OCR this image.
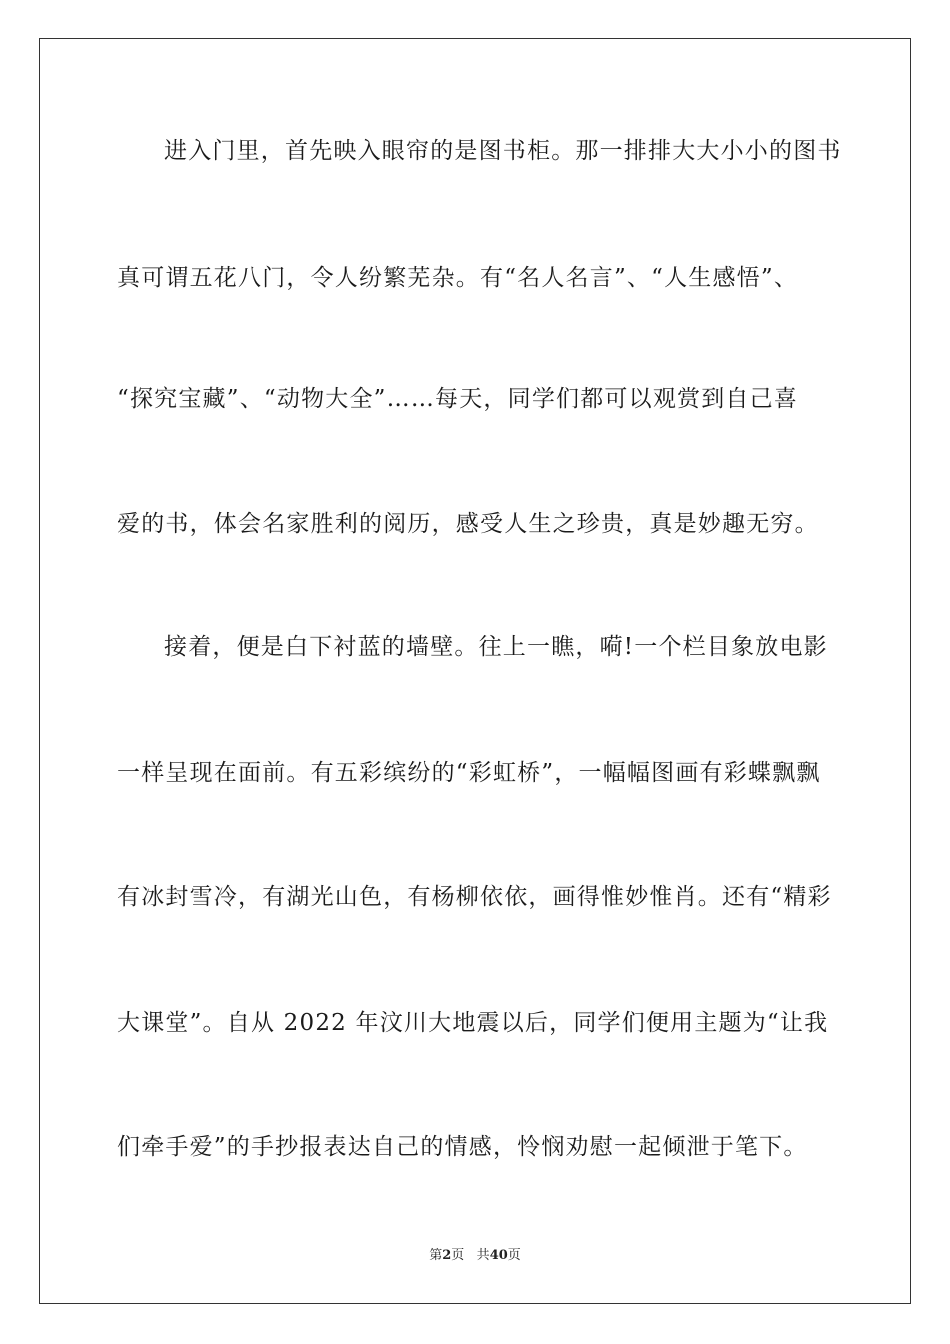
进入门里，首先映入眼帘的是图书柜。那一排排大大小小的图书
真可谓五花八门，令人纷繁芜杂。有“名人名言”、“人生感悟”、
“探究宝藏”、“动物大全”……每天，同学们都可以观赏到自己喜
爱的书，体会名家胜利的阅历，感受人生之珍贵，真是妙趣无穷。
接着，便是白下衬蓝的墙壁。往上一瞧，嗬!一个栏目象放电影
一样呈现在面前。有五彩缤纷的“彩虹桥”，一幅幅图画有彩蝶飘飘
有冰封雪冷，有湖光山色，有杨柳依依，画得惟妙惟肖。还有“精彩
大课堂”。自从 2022 年汶川大地震以后，同学们便用主题为“让我
们牵手爱”的手抄报表达自己的情感，怜悯劝慰一起倾泄于笔下。
第2页 共40页
